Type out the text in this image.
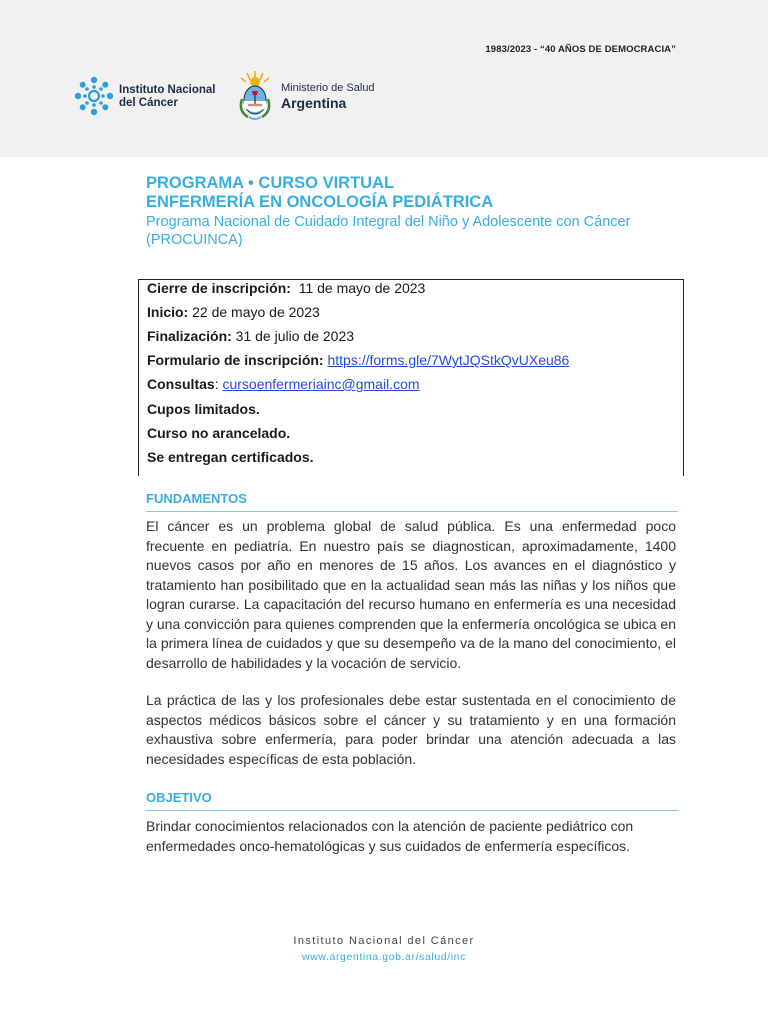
1983/2023 - “40 AÑOS DE DEMOCRACIA”
Instituto Nacional
del Cáncer
Ministerio de Salud
Argentina
PROGRAMA • CURSO VIRTUAL
ENFERMERÍA EN ONCOLOGÍA PEDIÁTRICA
Programa Nacional de Cuidado Integral del Niño y Adolescente con Cáncer (PROCUINCA)
Cierre de inscripción:  11 de mayo de 2023
Inicio: 22 de mayo de 2023
Finalización: 31 de julio de 2023
Formulario de inscripción: https://forms.gle/7WytJQStkQvUXeu86
Consultas: cursoenfermeriainc@gmail.com
Cupos limitados.
Curso no arancelado.
Se entregan certificados.
FUNDAMENTOS

El cáncer es un problema global de salud pública. Es una enfermedad poco frecuente en pediatría. En nuestro país se diagnostican, aproximadamente, 1400 nuevos casos por año en menores de 15 años. Los avances en el diagnóstico y tratamiento han posibilitado que en la actualidad sean más las niñas y los niños que logran curarse. La capacitación del recurso humano en enfermería es una necesidad y una convicción para quienes comprenden que la enfermería oncológica se ubica en la primera línea de cuidados y que su desempeño va de la mano del conocimiento, el desarrollo de habilidades y la vocación de servicio.

La práctica de las y los profesionales debe estar sustentada en el conocimiento de aspectos médicos básicos sobre el cáncer y su tratamiento y en una formación exhaustiva sobre enfermería, para poder brindar una atención adecuada a las necesidades específicas de esta población.

OBJETIVO

Brindar conocimientos relacionados con la atención de paciente pediátrico con enfermedades onco-hematológicas y sus cuidados de enfermería específicos.

Instituto Nacional del Cáncer
www.argentina.gob.ar/salud/inc
